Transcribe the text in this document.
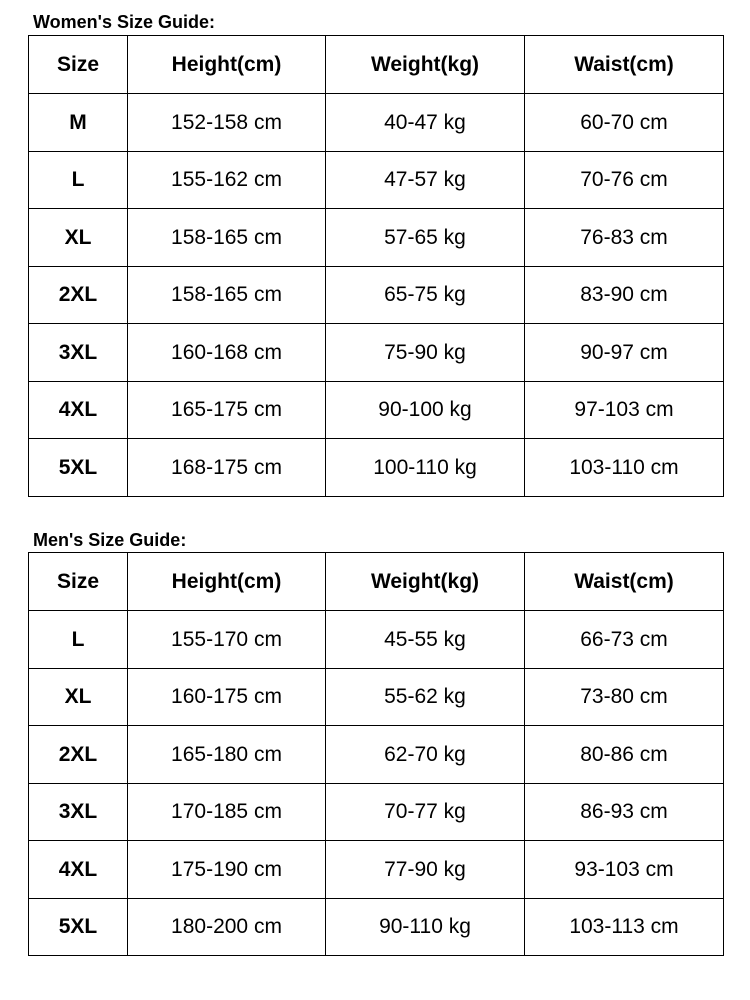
Women's Size Guide:
Size	Height(cm)	Weight(kg)	Waist(cm)
M	152-158 cm	40-47 kg	60-70 cm
L	155-162 cm	47-57 kg	70-76 cm
XL	158-165 cm	57-65 kg	76-83 cm
2XL	158-165 cm	65-75 kg	83-90 cm
3XL	160-168 cm	75-90 kg	90-97 cm
4XL	165-175 cm	90-100 kg	97-103 cm
5XL	168-175 cm	100-110 kg	103-110 cm
Men's Size Guide:
Size	Height(cm)	Weight(kg)	Waist(cm)
L	155-170 cm	45-55 kg	66-73 cm
XL	160-175 cm	55-62 kg	73-80 cm
2XL	165-180 cm	62-70 kg	80-86 cm
3XL	170-185 cm	70-77 kg	86-93 cm
4XL	175-190 cm	77-90 kg	93-103 cm
5XL	180-200 cm	90-110 kg	103-113 cm
